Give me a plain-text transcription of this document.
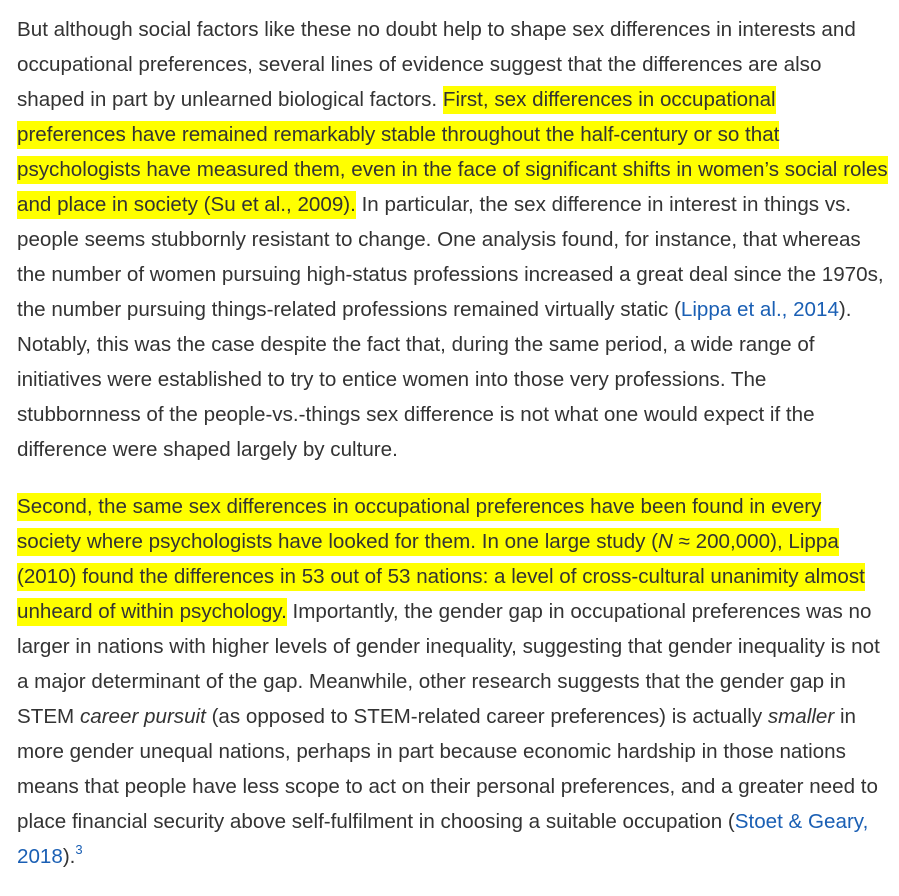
But although social factors like these no doubt help to shape sex differences in interests and occupational preferences, several lines of evidence suggest that the differences are also shaped in part by unlearned biological factors. First, sex differences in occupational preferences have remained remarkably stable throughout the half-century or so that psychologists have measured them, even in the face of significant shifts in women’s social roles and place in society (Su et al., 2009). In particular, the sex difference in interest in things vs. people seems stubbornly resistant to change. One analysis found, for instance, that whereas the number of women pursuing high-status professions increased a great deal since the 1970s, the number pursuing things-related professions remained virtually static (Lippa et al., 2014). Notably, this was the case despite the fact that, during the same period, a wide range of initiatives were established to try to entice women into those very professions. The stubbornness of the people-vs.-things sex difference is not what one would expect if the difference were shaped largely by culture.

Second, the same sex differences in occupational preferences have been found in every society where psychologists have looked for them. In one large study (N ≈ 200,000), Lippa (2010) found the differences in 53 out of 53 nations: a level of cross-cultural unanimity almost unheard of within psychology. Importantly, the gender gap in occupational preferences was no larger in nations with higher levels of gender inequality, suggesting that gender inequality is not a major determinant of the gap. Meanwhile, other research suggests that the gender gap in STEM career pursuit (as opposed to STEM-related career preferences) is actually smaller in more gender unequal nations, perhaps in part because economic hardship in those nations means that people have less scope to act on their personal preferences, and a greater need to place financial security above self-fulfilment in choosing a suitable occupation (Stoet & Geary, 2018).$^3$
